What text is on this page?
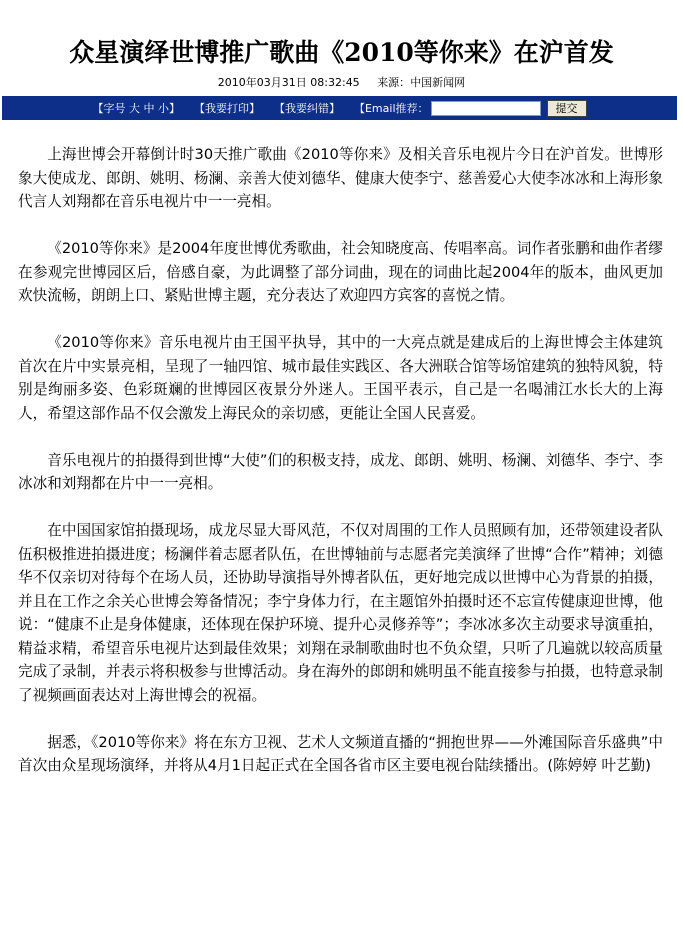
众星演绎世博推广歌曲《2010等你来》在沪首发
2010年03月31日 08:32:45 来源：中国新闻网
【字号 大 中 小】 【我要打印】 【我要纠错】 【Email推荐：	提交

上海世博会开幕倒计时30天推广歌曲《2010等你来》及相关音乐电视片今日在沪首发。世博形象大使成龙、郎朗、姚明、杨澜、亲善大使刘德华、健康大使李宁、慈善爱心大使李冰冰和上海形象代言人刘翔都在音乐电视片中一一亮相。

《2010等你来》是2004年度世博优秀歌曲，社会知晓度高、传唱率高。词作者张鹏和曲作者缪在参观完世博园区后，倍感自豪，为此调整了部分词曲，现在的词曲比起2004年的版本，曲风更加欢快流畅，朗朗上口、紧贴世博主题，充分表达了欢迎四方宾客的喜悦之情。

《2010等你来》音乐电视片由王国平执导，其中的一大亮点就是建成后的上海世博会主体建筑首次在片中实景亮相，呈现了一轴四馆、城市最佳实践区、各大洲联合馆等场馆建筑的独特风貌，特别是绚丽多姿、色彩斑斓的世博园区夜景分外迷人。王国平表示，自己是一名喝浦江水长大的上海人，希望这部作品不仅会激发上海民众的亲切感，更能让全国人民喜爱。

音乐电视片的拍摄得到世博“大使”们的积极支持，成龙、郎朗、姚明、杨澜、刘德华、李宁、李冰冰和刘翔都在片中一一亮相。

在中国国家馆拍摄现场，成龙尽显大哥风范，不仅对周围的工作人员照顾有加，还带领建设者队伍积极推进拍摄进度；杨澜伴着志愿者队伍，在世博轴前与志愿者完美演绎了世博“合作”精神；刘德华不仅亲切对待每个在场人员，还协助导演指导外博者队伍，更好地完成以世博中心为背景的拍摄，并且在工作之余关心世博会筹备情况；李宁身体力行，在主题馆外拍摄时还不忘宣传健康迎世博，他说：“健康不止是身体健康，还体现在保护环境、提升心灵修养等”；李冰冰多次主动要求导演重拍，精益求精，希望音乐电视片达到最佳效果；刘翔在录制歌曲时也不负众望，只听了几遍就以较高质量完成了录制，并表示将积极参与世博活动。身在海外的郎朗和姚明虽不能直接参与拍摄，也特意录制了视频画面表达对上海世博会的祝福。

据悉，《2010等你来》将在东方卫视、艺术人文频道直播的“拥抱世界——外滩国际音乐盛典”中首次由众星现场演绎，并将从4月1日起正式在全国各省市区主要电视台陆续播出。(陈婷婷 叶艺勤)
